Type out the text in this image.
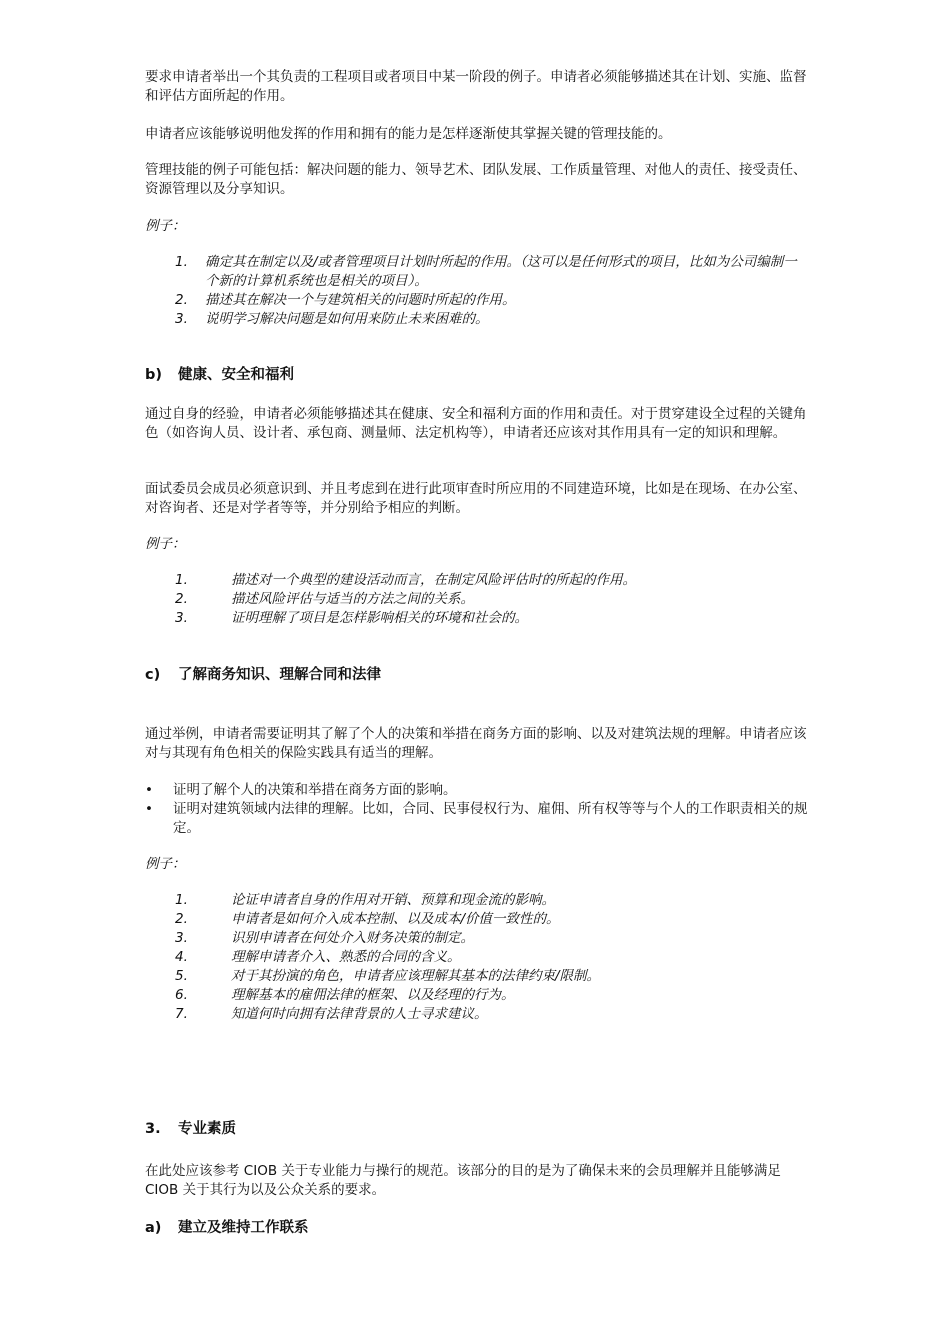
要求申请者举出一个其负责的工程项目或者项目中某一阶段的例子。申请者必须能够描述其在计划、实施、监督和评估方面所起的作用。

申请者应该能够说明他发挥的作用和拥有的能力是怎样逐渐使其掌握关键的管理技能的。

管理技能的例子可能包括：解决问题的能力、领导艺术、团队发展、工作质量管理、对他人的责任、接受责任、资源管理以及分享知识。

例子：
1.	确定其在制定以及/或者管理项目计划时所起的作用。（这可以是任何形式的项目，比如为公司编制一个新的计算机系统也是相关的项目）。
2.	描述其在解决一个与建筑相关的问题时所起的作用。
3.	说明学习解决问题是如何用来防止未来困难的。
b) 健康、安全和福利

通过自身的经验，申请者必须能够描述其在健康、安全和福利方面的作用和责任。对于贯穿建设全过程的关键角色（如咨询人员、设计者、承包商、测量师、法定机构等），申请者还应该对其作用具有一定的知识和理解。

面试委员会成员必须意识到、并且考虑到在进行此项审查时所应用的不同建造环境，比如是在现场、在办公室、对咨询者、还是对学者等等，并分别给予相应的判断。

例子：
1.	描述对一个典型的建设活动而言，在制定风险评估时的所起的作用。
2.	描述风险评估与适当的方法之间的关系。
3.	证明理解了项目是怎样影响相关的环境和社会的。
c) 了解商务知识、理解合同和法律

通过举例，申请者需要证明其了解了个人的决策和举措在商务方面的影响、以及对建筑法规的理解。申请者应该对与其现有角色相关的保险实践具有适当的理解。

•	证明了解个人的决策和举措在商务方面的影响。
•	证明对建筑领域内法律的理解。比如，合同、民事侵权行为、雇佣、所有权等等与个人的工作职责相关的规定。
例子：
1.	论证申请者自身的作用对开销、预算和现金流的影响。
2.	申请者是如何介入成本控制、以及成本/价值一致性的。
3.	识别申请者在何处介入财务决策的制定。
4.	理解申请者介入、熟悉的合同的含义。
5.	对于其扮演的角色，申请者应该理解其基本的法律约束/限制。
6.	理解基本的雇佣法律的框架、以及经理的行为。
7.	知道何时向拥有法律背景的人士寻求建议。
3. 专业素质

在此处应该参考 CIOB 关于专业能力与操行的规范。该部分的目的是为了确保未来的会员理解并且能够满足 CIOB 关于其行为以及公众关系的要求。

a) 建立及维持工作联系
